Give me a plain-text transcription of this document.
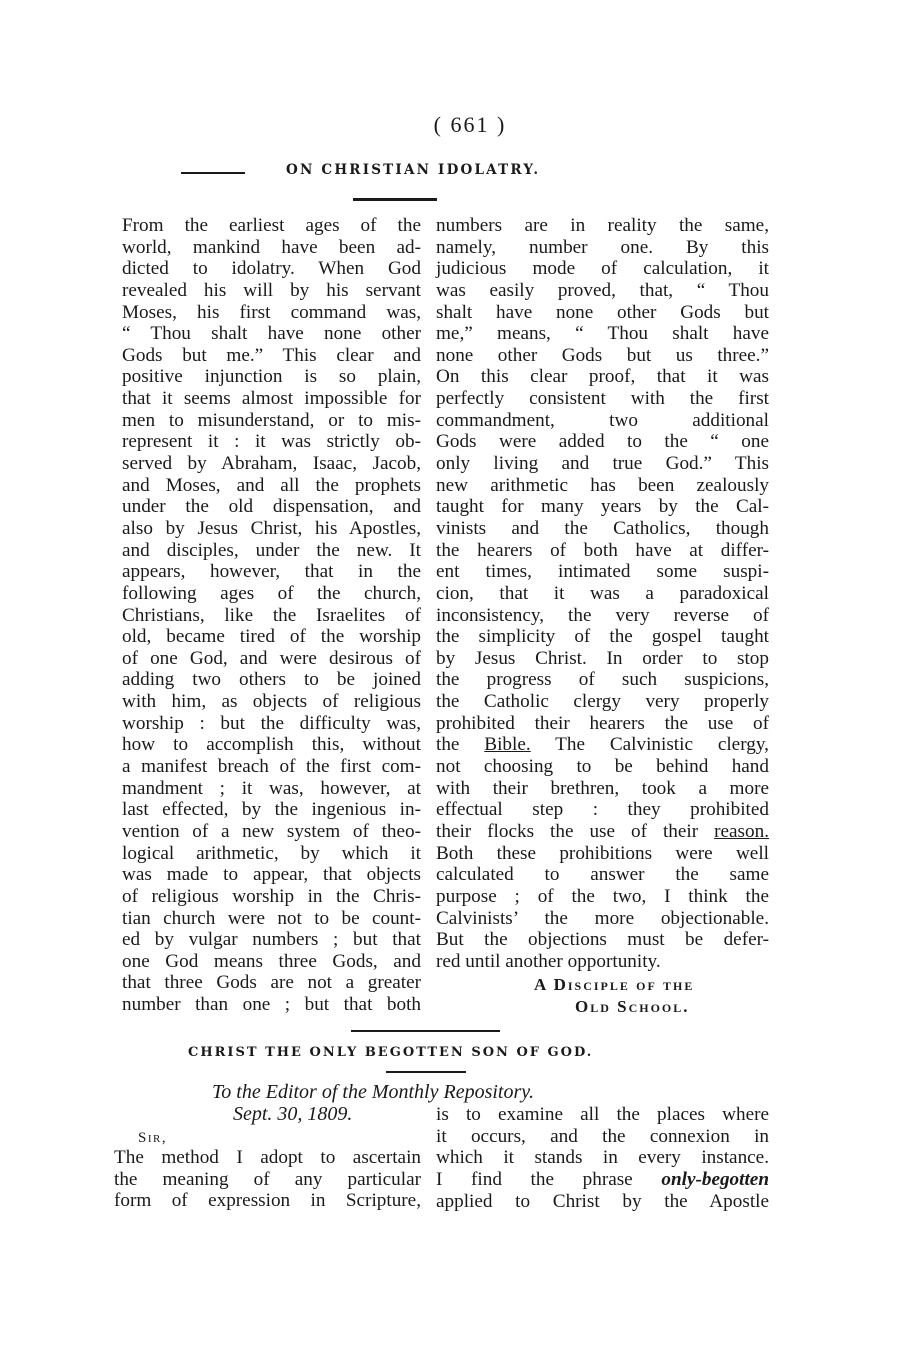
( 661 )
ON CHRISTIAN IDOLATRY.
From the earliest ages of the
world, mankind have been ad-
dicted to idolatry. When God
revealed his will by his servant
Moses, his first command was,
“ Thou shalt have none other
Gods but me.” This clear and
positive injunction is so plain,
that it seems almost impossible for
men to misunderstand, or to mis-
represent it : it was strictly ob-
served by Abraham, Isaac, Jacob,
and Moses, and all the prophets
under the old dispensation, and
also by Jesus Christ, his Apostles,
and disciples, under the new. It
appears, however, that in the
following ages of the church,
Christians, like the Israelites of
old, became tired of the worship
of one God, and were desirous of
adding two others to be joined
with him, as objects of religious
worship : but the difficulty was,
how to accomplish this, without
a manifest breach of the first com-
mandment ; it was, however, at
last effected, by the ingenious in-
vention of a new system of theo-
logical arithmetic, by which it
was made to appear, that objects
of religious worship in the Chris-
tian church were not to be count-
ed by vulgar numbers ; but that
one God means three Gods, and
that three Gods are not a greater
number than one ; but that both
numbers are in reality the same,
namely, number one. By this
judicious mode of calculation, it
was easily proved, that, “ Thou
shalt have none other Gods but
me,” means, “ Thou shalt have
none other Gods but us three.”
On this clear proof, that it was
perfectly consistent with the first
commandment, two additional
Gods were added to the “ one
only living and true God.” This
new arithmetic has been zealously
taught for many years by the Cal-
vinists and the Catholics, though
the hearers of both have at differ-
ent times, intimated some suspi-
cion, that it was a paradoxical
inconsistency, the very reverse of
the simplicity of the gospel taught
by Jesus Christ. In order to stop
the progress of such suspicions,
the Catholic clergy very properly
prohibited their hearers the use of
the Bible. The Calvinistic clergy,
not choosing to be behind hand
with their brethren, took a more
effectual step : they prohibited
their flocks the use of their reason.
Both these prohibitions were well
calculated to answer the same
purpose ; of the two, I think the
Calvinists’ the more objectionable.
But the objections must be defer-
red until another opportunity.
A Disciple of the
Old School.
CHRIST THE ONLY BEGOTTEN SON OF GOD.
To the Editor of the Monthly Repository.
Sept. 30, 1809.
Sir,
The method I adopt to ascertain
the meaning of any particular
form of expression in Scripture,
is to examine all the places where
it occurs, and the connexion in
which it stands in every instance.
I find the phrase only-begotten
applied to Christ by the Apostle
